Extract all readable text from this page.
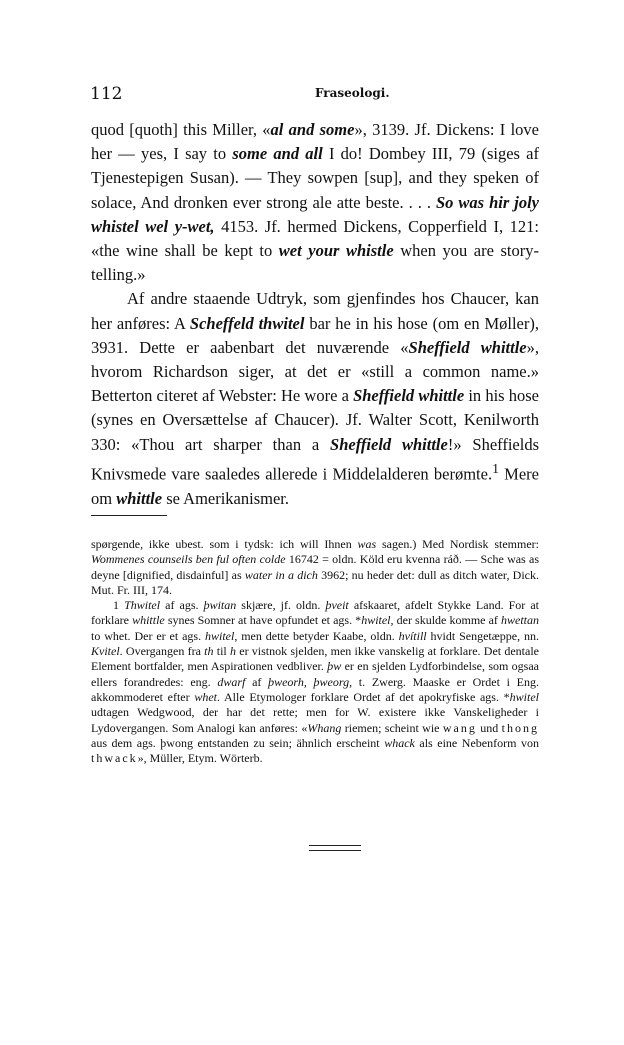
112	Fraseologi.

quod [quoth] this Miller, «al and some», 3139. Jf. Dickens: I love her — yes, I say to some and all I do! Dombey III, 79 (siges af Tjenestepigen Susan). — They sowpen [sup], and they speken of solace, And dronken ever strong ale atte beste. . . . So was hir joly whistel wel y-wet, 4153. Jf. hermed Dickens, Copperfield I, 121: «the wine shall be kept to wet your whistle when you are story-telling.»

Af andre staaende Udtryk, som gjenfindes hos Chaucer, kan her anføres: A Scheffeld thwitel bar he in his hose (om en Møller), 3931. Dette er aabenbart det nuværende «Sheffield whittle», hvorom Richardson siger, at det er «still a common name.» Betterton citeret af Webster: He wore a Sheffield whittle in his hose (synes en Oversættelse af Chaucer). Jf. Walter Scott, Kenilworth 330: «Thou art sharper than a Sheffield whittle!» Sheffields Knivsmede vare saaledes allerede i Middelalderen berømte.$^1$ Mere om whittle se Amerikanismer.

spørgende, ikke ubest. som i tydsk: ich will Ihnen was sagen.) Med Nordisk stemmer: Wommenes counseils ben ful often colde 16742 = oldn. Köld eru kvenna ráð. — Sche was as deyne [dignified, disdainful] as water in a dich 3962; nu heder det: dull as ditch water, Dick. Mut. Fr. III, 174.

1 Thwitel af ags. þwitan skjære, jf. oldn. þveit afskaaret, afdelt Stykke Land. For at forklare whittle synes Somner at have opfundet et ags. *hwitel, der skulde komme af hwettan to whet. Der er et ags. hwitel, men dette betyder Kaabe, oldn. hvítill hvidt Sengetæppe, nn. Kvitel. Overgangen fra th til h er vistnok sjelden, men ikke vanskelig at forklare. Det dentale Element bortfalder, men Aspirationen vedbliver. þw er en sjelden Lydforbindelse, som ogsaa ellers forandredes: eng. dwarf af þweorh, þweorg, t. Zwerg. Maaske er Ordet i Eng. akkommoderet efter whet. Alle Etymologer forklare Ordet af det apokryfiske ags. *hwitel udtagen Wedgwood, der har det rette; men for W. existere ikke Vanskeligheder i Lydovergangen. Som Analogi kan anføres: «Whang riemen; scheint wie wang und thong aus dem ags. þwong entstanden zu sein; ähnlich erscheint whack als eine Nebenform von thwack», Müller, Etym. Wörterb.
